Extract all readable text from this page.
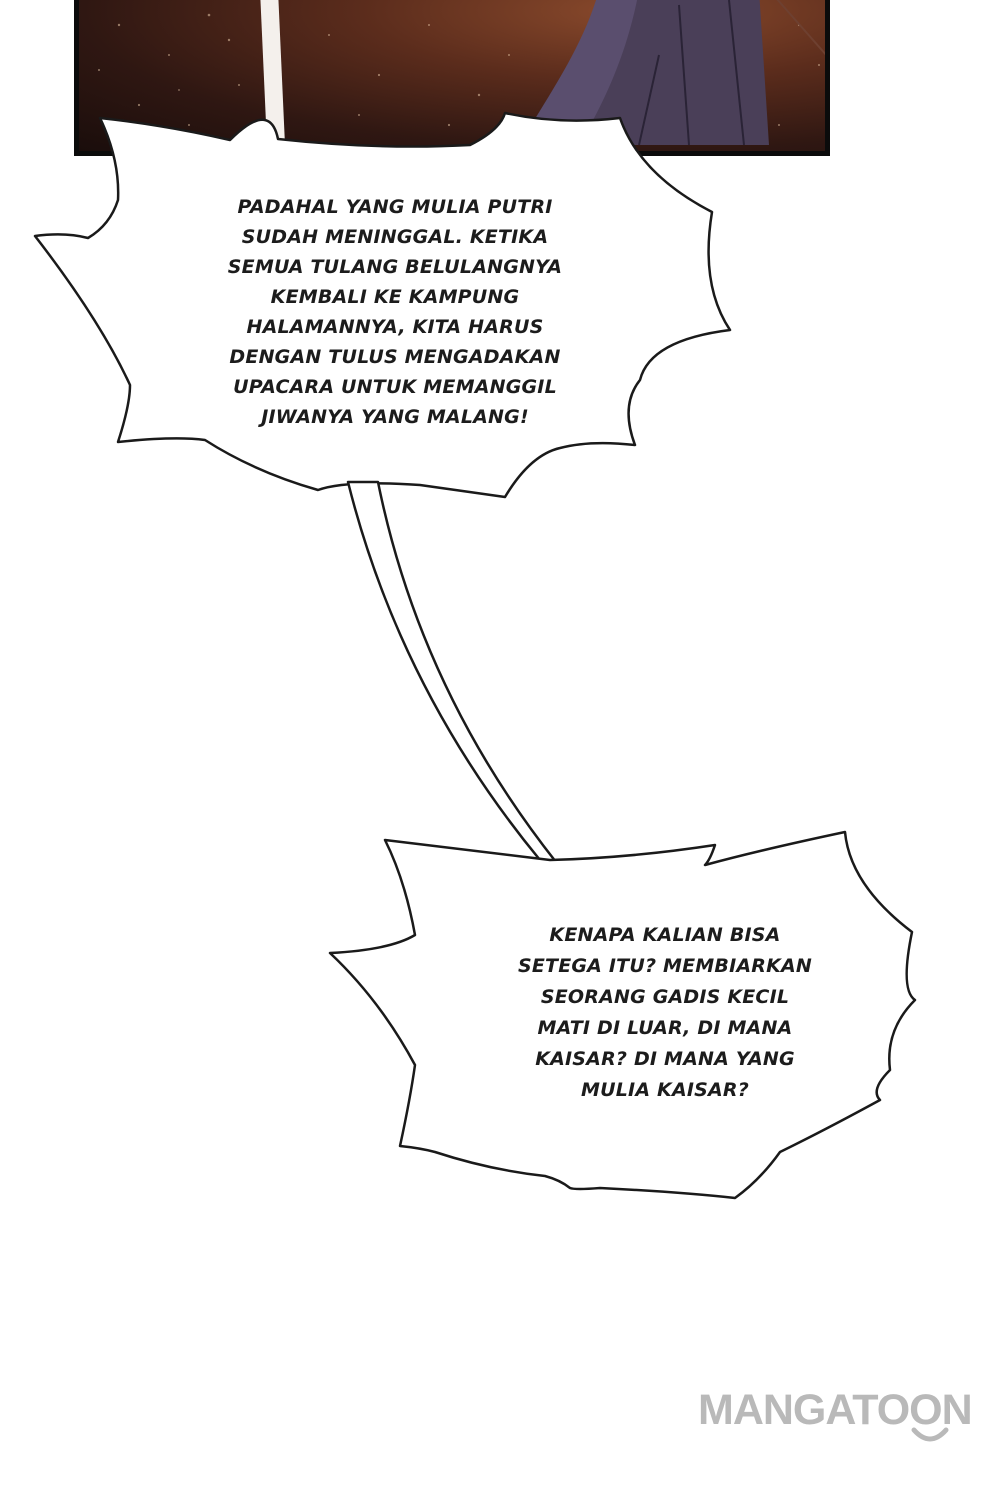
PADAHAL YANG MULIA PUTRI
SUDAH MENINGGAL. KETIKA
SEMUA TULANG BELULANGNYA
KEMBALI KE KAMPUNG
HALAMANNYA, KITA HARUS
DENGAN TULUS MENGADAKAN
UPACARA UNTUK MEMANGGIL
JIWANYA YANG MALANG!

KENAPA KALIAN BISA
SETEGA ITU? MEMBIARKAN
SEORANG GADIS KECIL
MATI DI LUAR, DI MANA
KAISAR? DI MANA YANG
MULIA KAISAR?

MANGATOON
